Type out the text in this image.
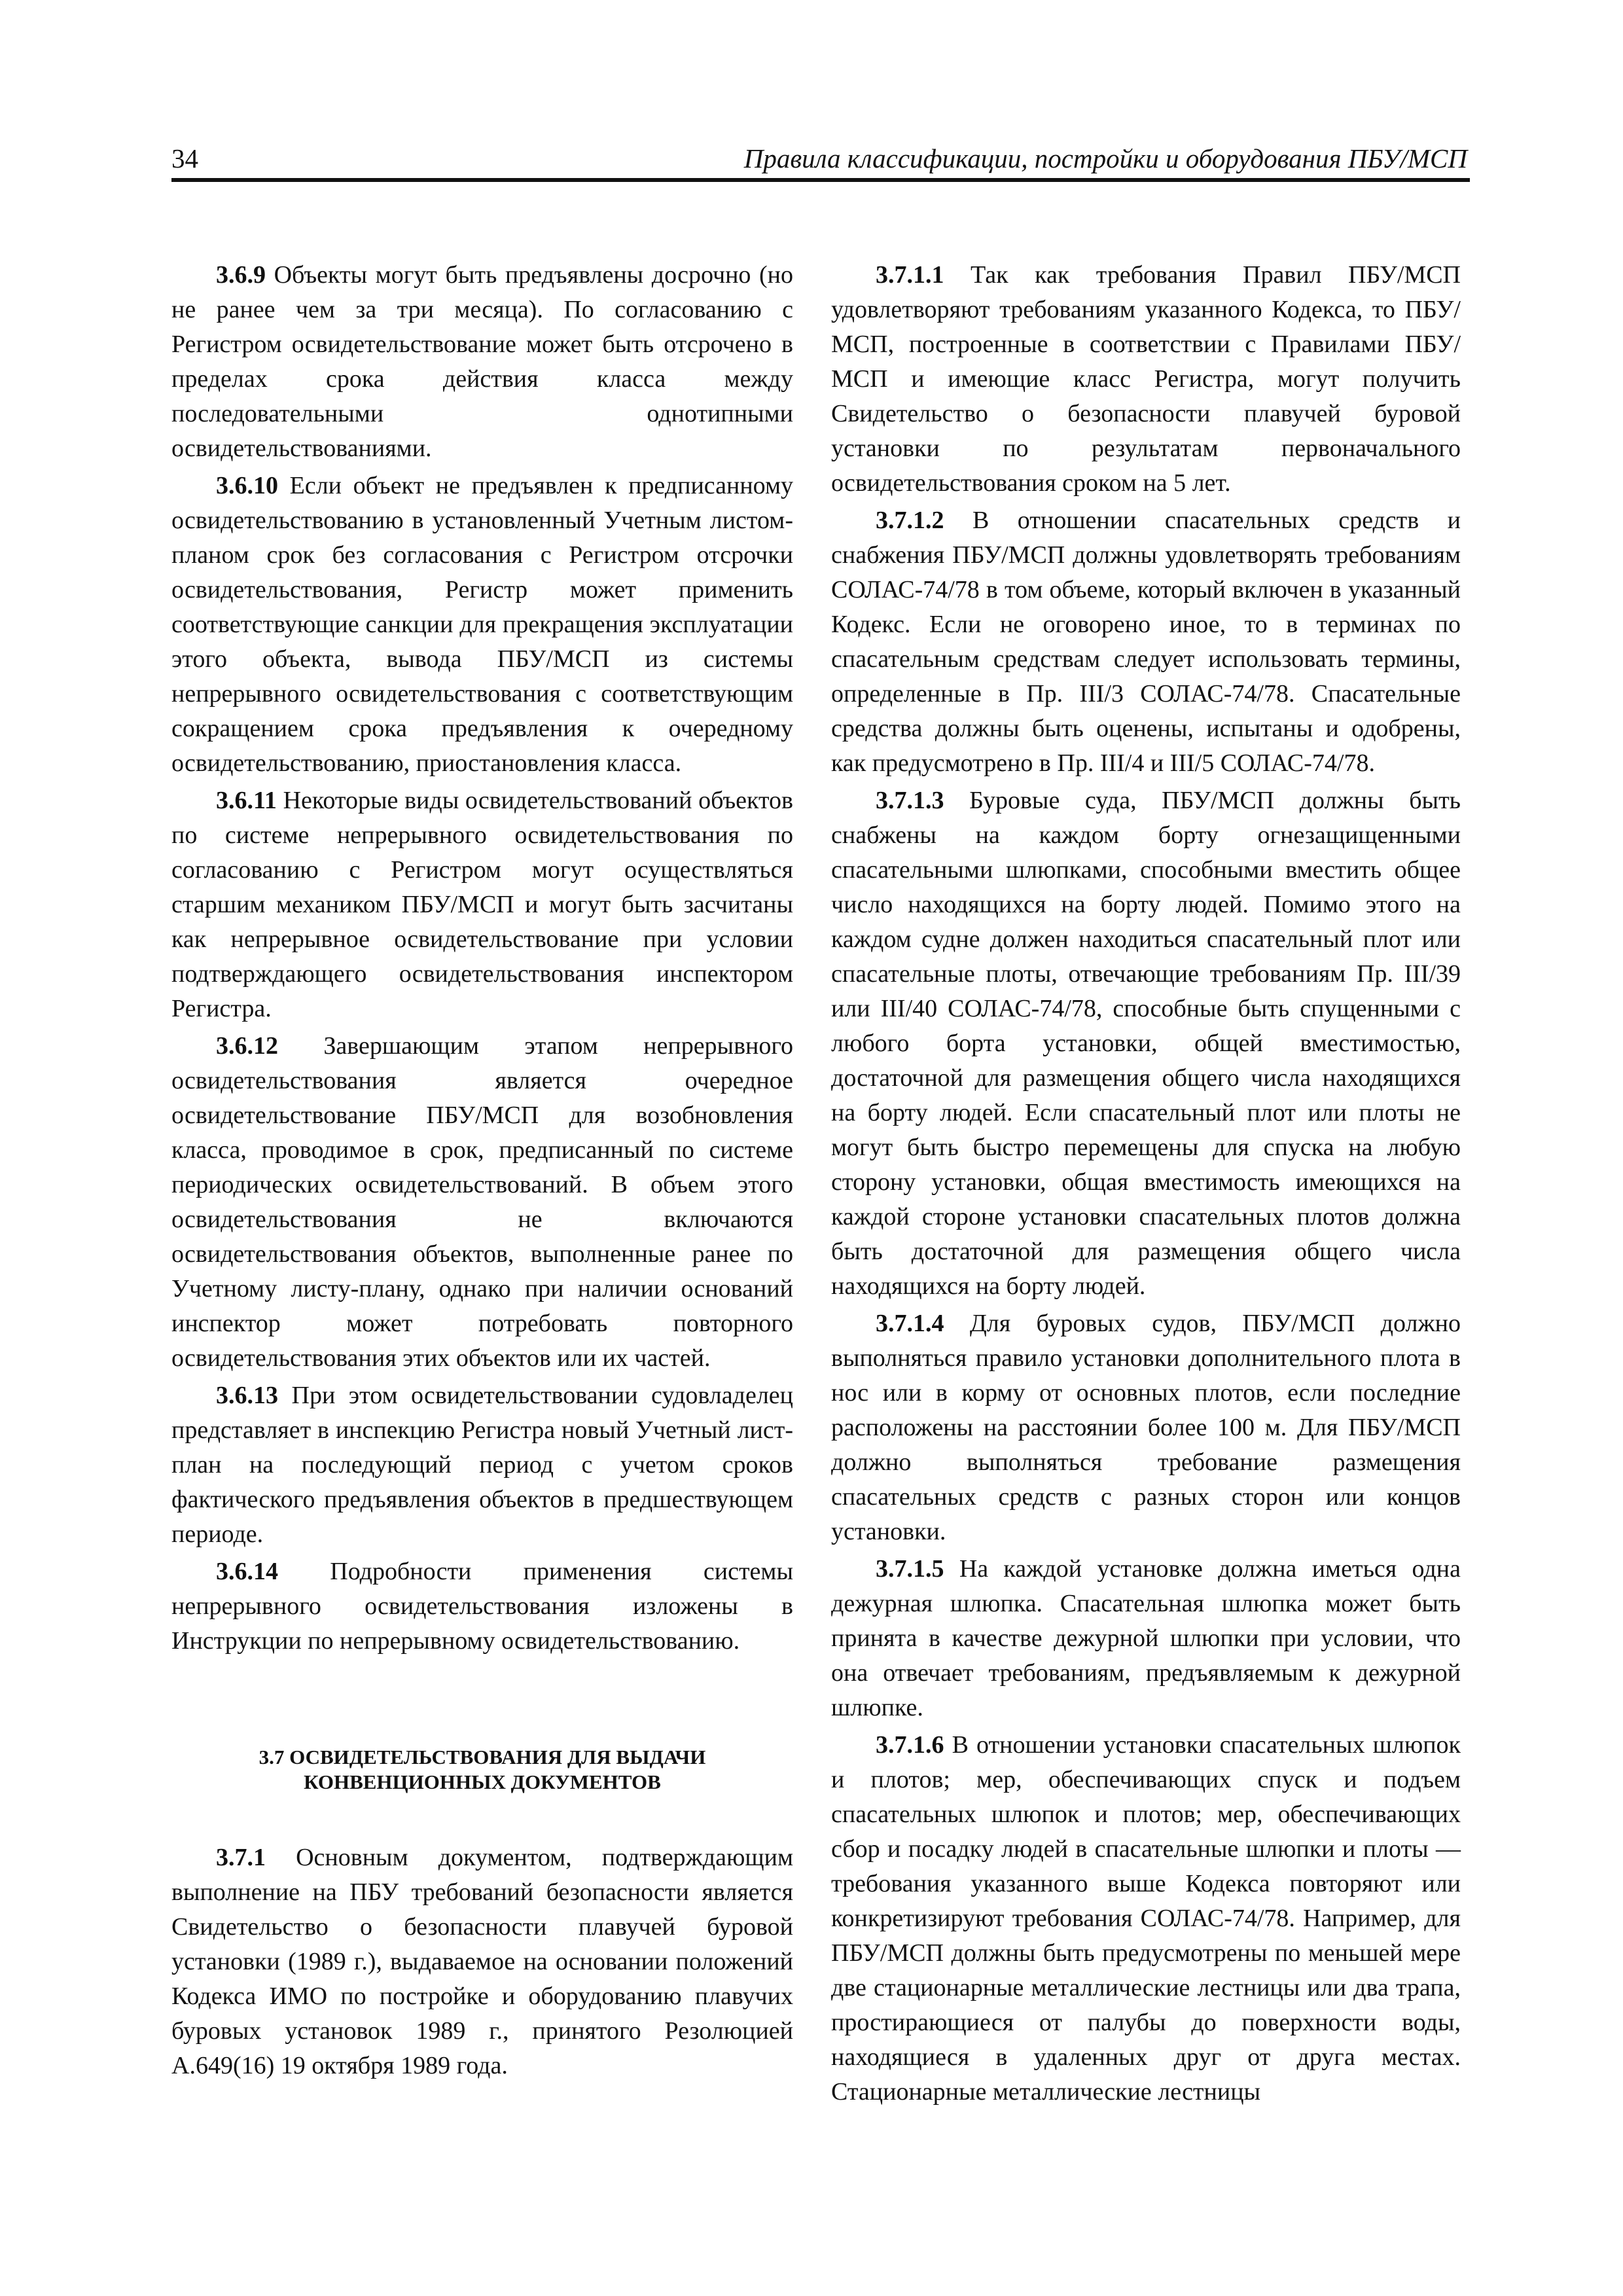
34	Правила классификации, постройки и оборудования ПБУ/МСП

3.6.9 Объекты могут быть предъявлены досрочно (но не ранее чем за три месяца). По согласованию с Регистром освидетельствование может быть отсрочено в пределах срока действия класса между последовательными однотипными освидетельствованиями.

3.6.10 Если объект не предъявлен к предписанному освидетельствованию в установленный Учетным листом-планом срок без согласования с Регистром отсрочки освидетельствования, Регистр может применить соответствующие санкции для прекращения эксплуатации этого объекта, вывода ПБУ/МСП из системы непрерывного освидетельствования с соответствующим сокращением срока предъявления к очередному освидетельствованию, приостановления класса.

3.6.11 Некоторые виды освидетельствований объектов по системе непрерывного освидетельствования по согласованию с Регистром могут осуществляться старшим механиком ПБУ/МСП и могут быть засчитаны как непрерывное освидетельствование при условии подтверждающего освидетельствования инспектором Регистра.

3.6.12 Завершающим этапом непрерывного освидетельствования является очередное освидетельствование ПБУ/МСП для возобновления класса, проводимое в срок, предписанный по системе периодических освидетельствований. В объем этого освидетельствования не включаются освидетельствования объектов, выполненные ранее по Учетному листу-плану, однако при наличии оснований инспектор может потребовать повторного освидетельствования этих объектов или их частей.

3.6.13 При этом освидетельствовании судовладелец представляет в инспекцию Регистра новый Учетный лист-план на последующий период с учетом сроков фактического предъявления объектов в предшествующем периоде.

3.6.14 Подробности применения системы непрерывного освидетельствования изложены в Инструкции по непрерывному освидетельствованию.

3.7 ОСВИДЕТЕЛЬСТВОВАНИЯ ДЛЯ ВЫДАЧИ КОНВЕНЦИОННЫХ ДОКУМЕНТОВ

3.7.1 Основным документом, подтверждающим выполнение на ПБУ требований безопасности является Свидетельство о безопасности плавучей буровой установки (1989 г.), выдаваемое на основании положений Кодекса ИМО по постройке и оборудованию плавучих буровых установок 1989 г., принятого Резолюцией А.649(16) 19 октября 1989 года.

3.7.1.1 Так как требования Правил ПБУ/МСП удовлетворяют требованиям указанного Кодекса, то ПБУ/МСП, построенные в соответствии с Правилами ПБУ/МСП и имеющие класс Регистра, могут получить Свидетельство о безопасности плавучей буровой установки по результатам первоначального освидетельствования сроком на 5 лет.

3.7.1.2 В отношении спасательных средств и снабжения ПБУ/МСП должны удовлетворять требованиям СОЛАС-74/78 в том объеме, который включен в указанный Кодекс. Если не оговорено иное, то в терминах по спасательным средствам следует использовать термины, определенные в Пр. III/3 СОЛАС-74/78. Спасательные средства должны быть оценены, испытаны и одобрены, как предусмотрено в Пр. III/4 и III/5 СОЛАС-74/78.

3.7.1.3 Буровые суда, ПБУ/МСП должны быть снабжены на каждом борту огнезащищенными спасательными шлюпками, способными вместить общее число находящихся на борту людей. Помимо этого на каждом судне должен находиться спасательный плот или спасательные плоты, отвечающие требованиям Пр. III/39 или III/40 СОЛАС-74/78, способные быть спущенными с любого борта установки, общей вместимостью, достаточной для размещения общего числа находящихся на борту людей. Если спасательный плот или плоты не могут быть быстро перемещены для спуска на любую сторону установки, общая вместимость имеющихся на каждой стороне установки спасательных плотов должна быть достаточной для размещения общего числа находящихся на борту людей.

3.7.1.4 Для буровых судов, ПБУ/МСП должно выполняться правило установки дополнительного плота в нос или в корму от основных плотов, если последние расположены на расстоянии более 100 м. Для ПБУ/МСП должно выполняться требование размещения спасательных средств с разных сторон или концов установки.

3.7.1.5 На каждой установке должна иметься одна дежурная шлюпка. Спасательная шлюпка может быть принята в качестве дежурной шлюпки при условии, что она отвечает требованиям, предъявляемым к дежурной шлюпке.

3.7.1.6 В отношении установки спасательных шлюпок и плотов; мер, обеспечивающих спуск и подъем спасательных шлюпок и плотов; мер, обеспечивающих сбор и посадку людей в спасательные шлюпки и плоты — требования указанного выше Кодекса повторяют или конкретизируют требования СОЛАС-74/78. Например, для ПБУ/МСП должны быть предусмотрены по меньшей мере две стационарные металлические лестницы или два трапа, простирающиеся от палубы до поверхности воды, находящиеся в удаленных друг от друга местах. Стационарные металлические лестницы
